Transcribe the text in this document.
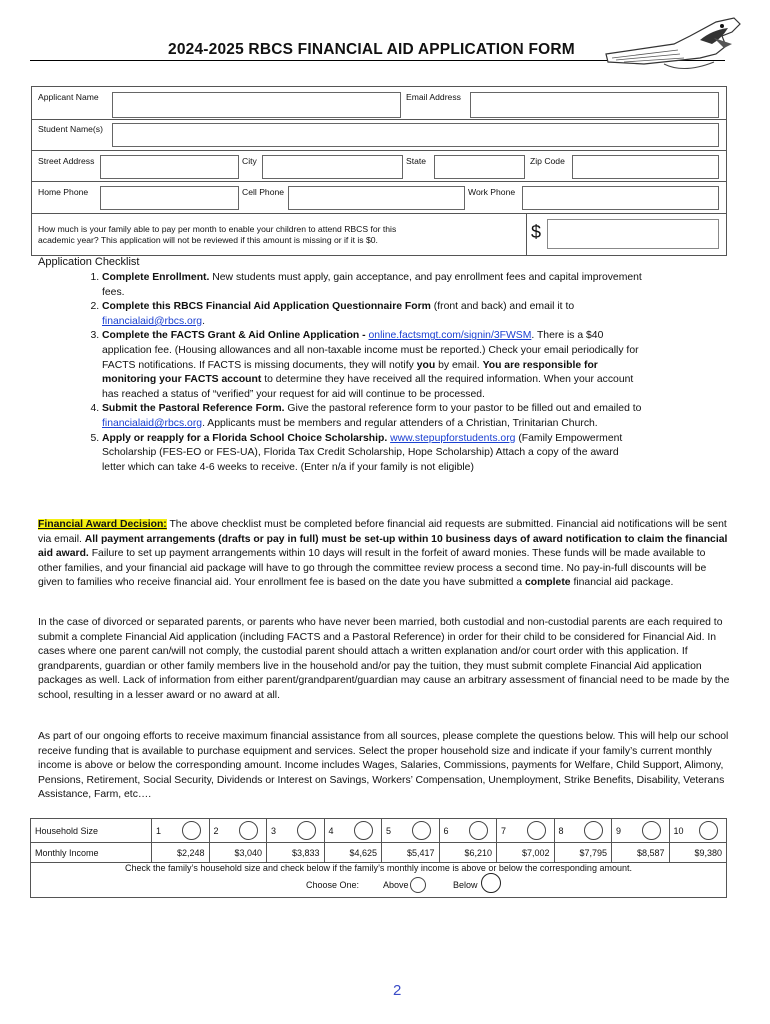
2024-2025 RBCS FINANCIAL AID APPLICATION FORM
Applicant Name	Email Address
Student Name(s)
Street Address	City	State	Zip Code
Home Phone	Cell Phone	Work Phone
How much is your family able to pay per month to enable your children to attend RBCS for this academic year? This application will not be reviewed if this amount is missing or if it is $0.	$
Application Checklist
1. Complete Enrollment. New students must apply, gain acceptance, and pay enrollment fees and capital improvement fees.
2. Complete this RBCS Financial Aid Application Questionnaire Form (front and back) and email it to financialaid@rbcs.org.
3. Complete the FACTS Grant & Aid Online Application - online.factsmgt.com/signin/3FWSM. There is a $40 application fee. (Housing allowances and all non-taxable income must be reported.) Check your email periodically for FACTS notifications. If FACTS is missing documents, they will notify you by email. You are responsible for monitoring your FACTS account to determine they have received all the required information. When your account has reached a status of “verified” your request for aid will continue to be processed.
4. Submit the Pastoral Reference Form. Give the pastoral reference form to your pastor to be filled out and emailed to financialaid@rbcs.org. Applicants must be members and regular attenders of a Christian, Trinitarian Church.
5. Apply or reapply for a Florida School Choice Scholarship. www.stepupforstudents.org (Family Empowerment Scholarship (FES-EO or FES-UA), Florida Tax Credit Scholarship, Hope Scholarship) Attach a copy of the award letter which can take 4-6 weeks to receive. (Enter n/a if your family is not eligible)

Financial Award Decision: The above checklist must be completed before financial aid requests are submitted. Financial aid notifications will be sent via email. All payment arrangements (drafts or pay in full) must be set-up within 10 business days of award notification to claim the financial aid award. Failure to set up payment arrangements within 10 days will result in the forfeit of award monies. These funds will be made available to other families, and your financial aid package will have to go through the committee review process a second time. No pay-in-full discounts will be given to families who receive financial aid. Your enrollment fee is based on the date you have submitted a complete financial aid package.

In the case of divorced or separated parents, or parents who have never been married, both custodial and non-custodial parents are each required to submit a complete Financial Aid application (including FACTS and a Pastoral Reference) in order for their child to be considered for Financial Aid. In cases where one parent can/will not comply, the custodial parent should attach a written explanation and/or court order with this application. If grandparents, guardian or other family members live in the household and/or pay the tuition, they must submit complete Financial Aid application packages as well. Lack of information from either parent/grandparent/guardian may cause an arbitrary assessment of financial need to be made by the school, resulting in a lesser award or no award at all.

As part of our ongoing efforts to receive maximum financial assistance from all sources, please complete the questions below. This will help our school receive funding that is available to purchase equipment and services. Select the proper household size and indicate if your family’s current monthly income is above or below the corresponding amount. Income includes Wages, Salaries, Commissions, payments for Welfare, Child Support, Alimony, Pensions, Retirement, Social Security, Dividends or Interest on Savings, Workers’ Compensation, Unemployment, Strike Benefits, Disability, Veterans Assistance, Farm, etc….

Household Size	1	2	3	4	5	6	7	8	9	10

Monthly Income	$2,248	$3,040	$3,833	$4,625	$5,417	$6,210	$7,002	$7,795	$8,587	$9,380
Check the family’s household size and check below if the family’s monthly income is above or below the corresponding amount.
Choose One:	Above	Below
2
